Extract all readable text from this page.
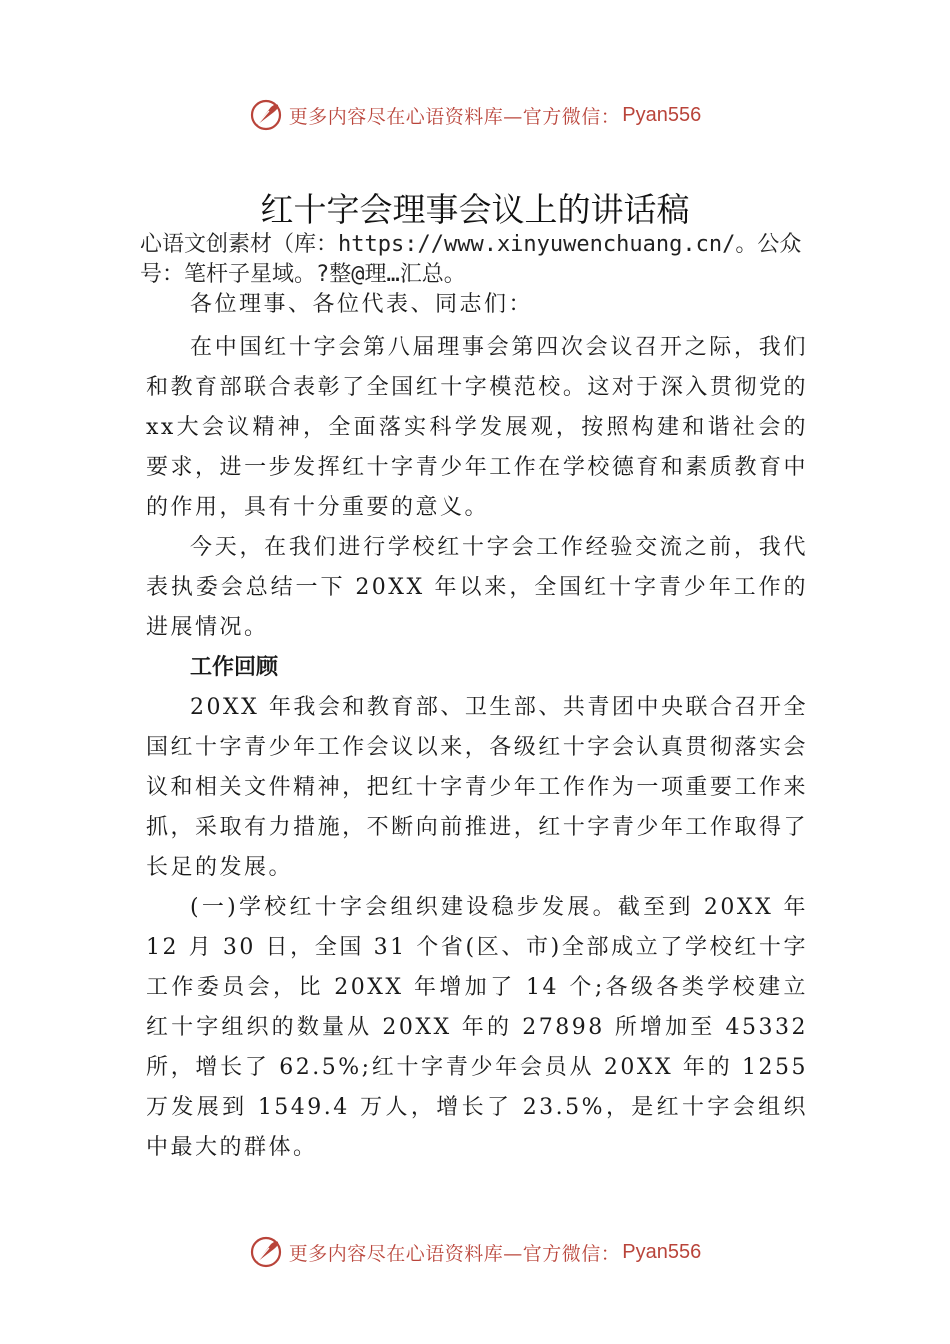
更多内容尽在心语资料库—官方微信： Pyan556
红十字会理事会议上的讲话稿

心语文创素材（库：https://www.xinyuwenchuang.cn/。公众号：笔杆子星域。?整@理…汇总。

各位理事、各位代表、同志们：

在中国红十字会第八届理事会第四次会议召开之际，我们和教育部联合表彰了全国红十字模范校。这对于深入贯彻党的xx大会议精神，全面落实科学发展观，按照构建和谐社会的要求，进一步发挥红十字青少年工作在学校德育和素质教育中的作用，具有十分重要的意义。

今天，在我们进行学校红十字会工作经验交流之前，我代表执委会总结一下 20XX 年以来，全国红十字青少年工作的进展情况。

工作回顾

20XX 年我会和教育部、卫生部、共青团中央联合召开全国红十字青少年工作会议以来，各级红十字会认真贯彻落实会议和相关文件精神，把红十字青少年工作作为一项重要工作来抓，采取有力措施，不断向前推进，红十字青少年工作取得了长足的发展。

(一)学校红十字会组织建设稳步发展。截至到 20XX 年 12 月 30 日，全国 31 个省(区、市)全部成立了学校红十字工作委员会，比 20XX 年增加了 14 个;各级各类学校建立红十字组织的数量从 20XX 年的 27898 所增加至 45332 所，增长了 62.5%;红十字青少年会员从 20XX 年的 1255 万发展到 1549.4 万人，增长了 23.5%，是红十字会组织中最大的群体。

更多内容尽在心语资料库—官方微信： Pyan556
